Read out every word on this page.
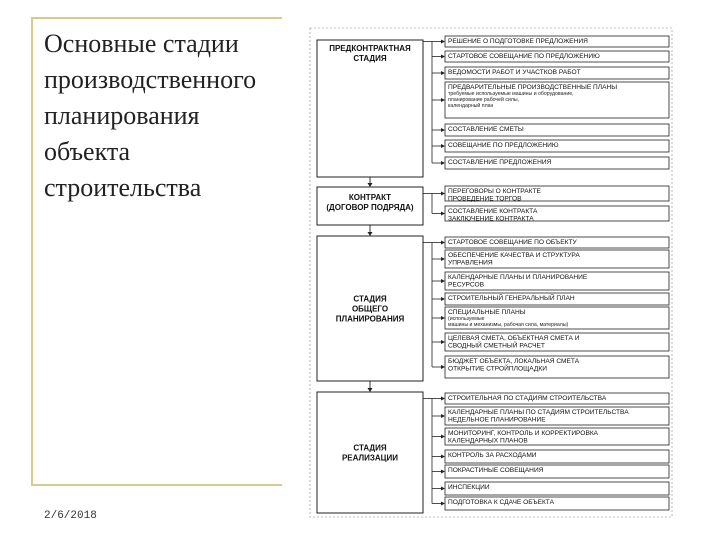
Основные стадии
производственного
планирования
объекта
строительства
2/6/2018
ПРЕДКОНТРАКТНАЯ
СТАДИЯ
РЕШЕНИЕ О ПОДГОТОВКЕ ПРЕДЛОЖЕНИЯ
СТАРТОВОЕ СОВЕЩАНИЕ ПО ПРЕДЛОЖЕНИЮ
ВЕДОМОСТИ РАБОТ И УЧАСТКОВ РАБОТ
ПРЕДВАРИТЕЛЬНЫЕ ПРОИЗВОДСТВЕННЫЕ ПЛАНЫ
требуемые используемые машины и оборудование,
планирование рабочей силы,
календарный план
СОСТАВЛЕНИЕ СМЕТЫ
СОВЕЩАНИЕ ПО ПРЕДЛОЖЕНИЮ
СОСТАВЛЕНИЕ ПРЕДЛОЖЕНИЯ
КОНТРАКТ
(ДОГОВОР ПОДРЯДА)
ПЕРЕГОВОРЫ О КОНТРАКТЕ
ПРОВЕДЕНИЕ ТОРГОВ
СОСТАВЛЕНИЕ КОНТРАКТА
ЗАКЛЮЧЕНИЕ КОНТРАКТА
СТАДИЯ
ОБЩЕГО
ПЛАНИРОВАНИЯ
СТАРТОВОЕ СОВЕЩАНИЕ ПО ОБЪЕКТУ
ОБЕСПЕЧЕНИЕ КАЧЕСТВА И СТРУКТУРА
УПРАВЛЕНИЯ
КАЛЕНДАРНЫЕ ПЛАНЫ И ПЛАНИРОВАНИЕ
РЕСУРСОВ
СТРОИТЕЛЬНЫЙ ГЕНЕРАЛЬНЫЙ ПЛАН
СПЕЦИАЛЬНЫЕ ПЛАНЫ
(используемые
машины и механизмы, рабочая сила, материалы)
ЦЕЛЕВАЯ СМЕТА, ОБЪЕКТНАЯ СМЕТА И
СВОДНЫЙ СМЕТНЫЙ РАСЧЕТ
БЮДЖЕТ ОБЪЕКТА, ЛОКАЛЬНАЯ СМЕТА
ОТКРЫТИЕ СТРОЙПЛОЩАДКИ
СТАДИЯ
РЕАЛИЗАЦИИ
СТРОИТЕЛЬНАЯ ПО СТАДИЯМ СТРОИТЕЛЬСТВА
КАЛЕНДАРНЫЕ ПЛАНЫ ПО СТАДИЯМ СТРОИТЕЛЬСТВА
НЕДЕЛЬНОЕ ПЛАНИРОВАНИЕ
МОНИТОРИНГ, КОНТРОЛЬ И КОРРЕКТИРОВКА
КАЛЕНДАРНЫХ ПЛАНОВ
КОНТРОЛЬ ЗА РАСХОДАМИ
ПОКРАСТИНЫЕ СОВЕЩАНИЯ
ИНСПЕКЦИИ
ПОДГОТОВКА К СДАЧЕ ОБЪЕКТА
